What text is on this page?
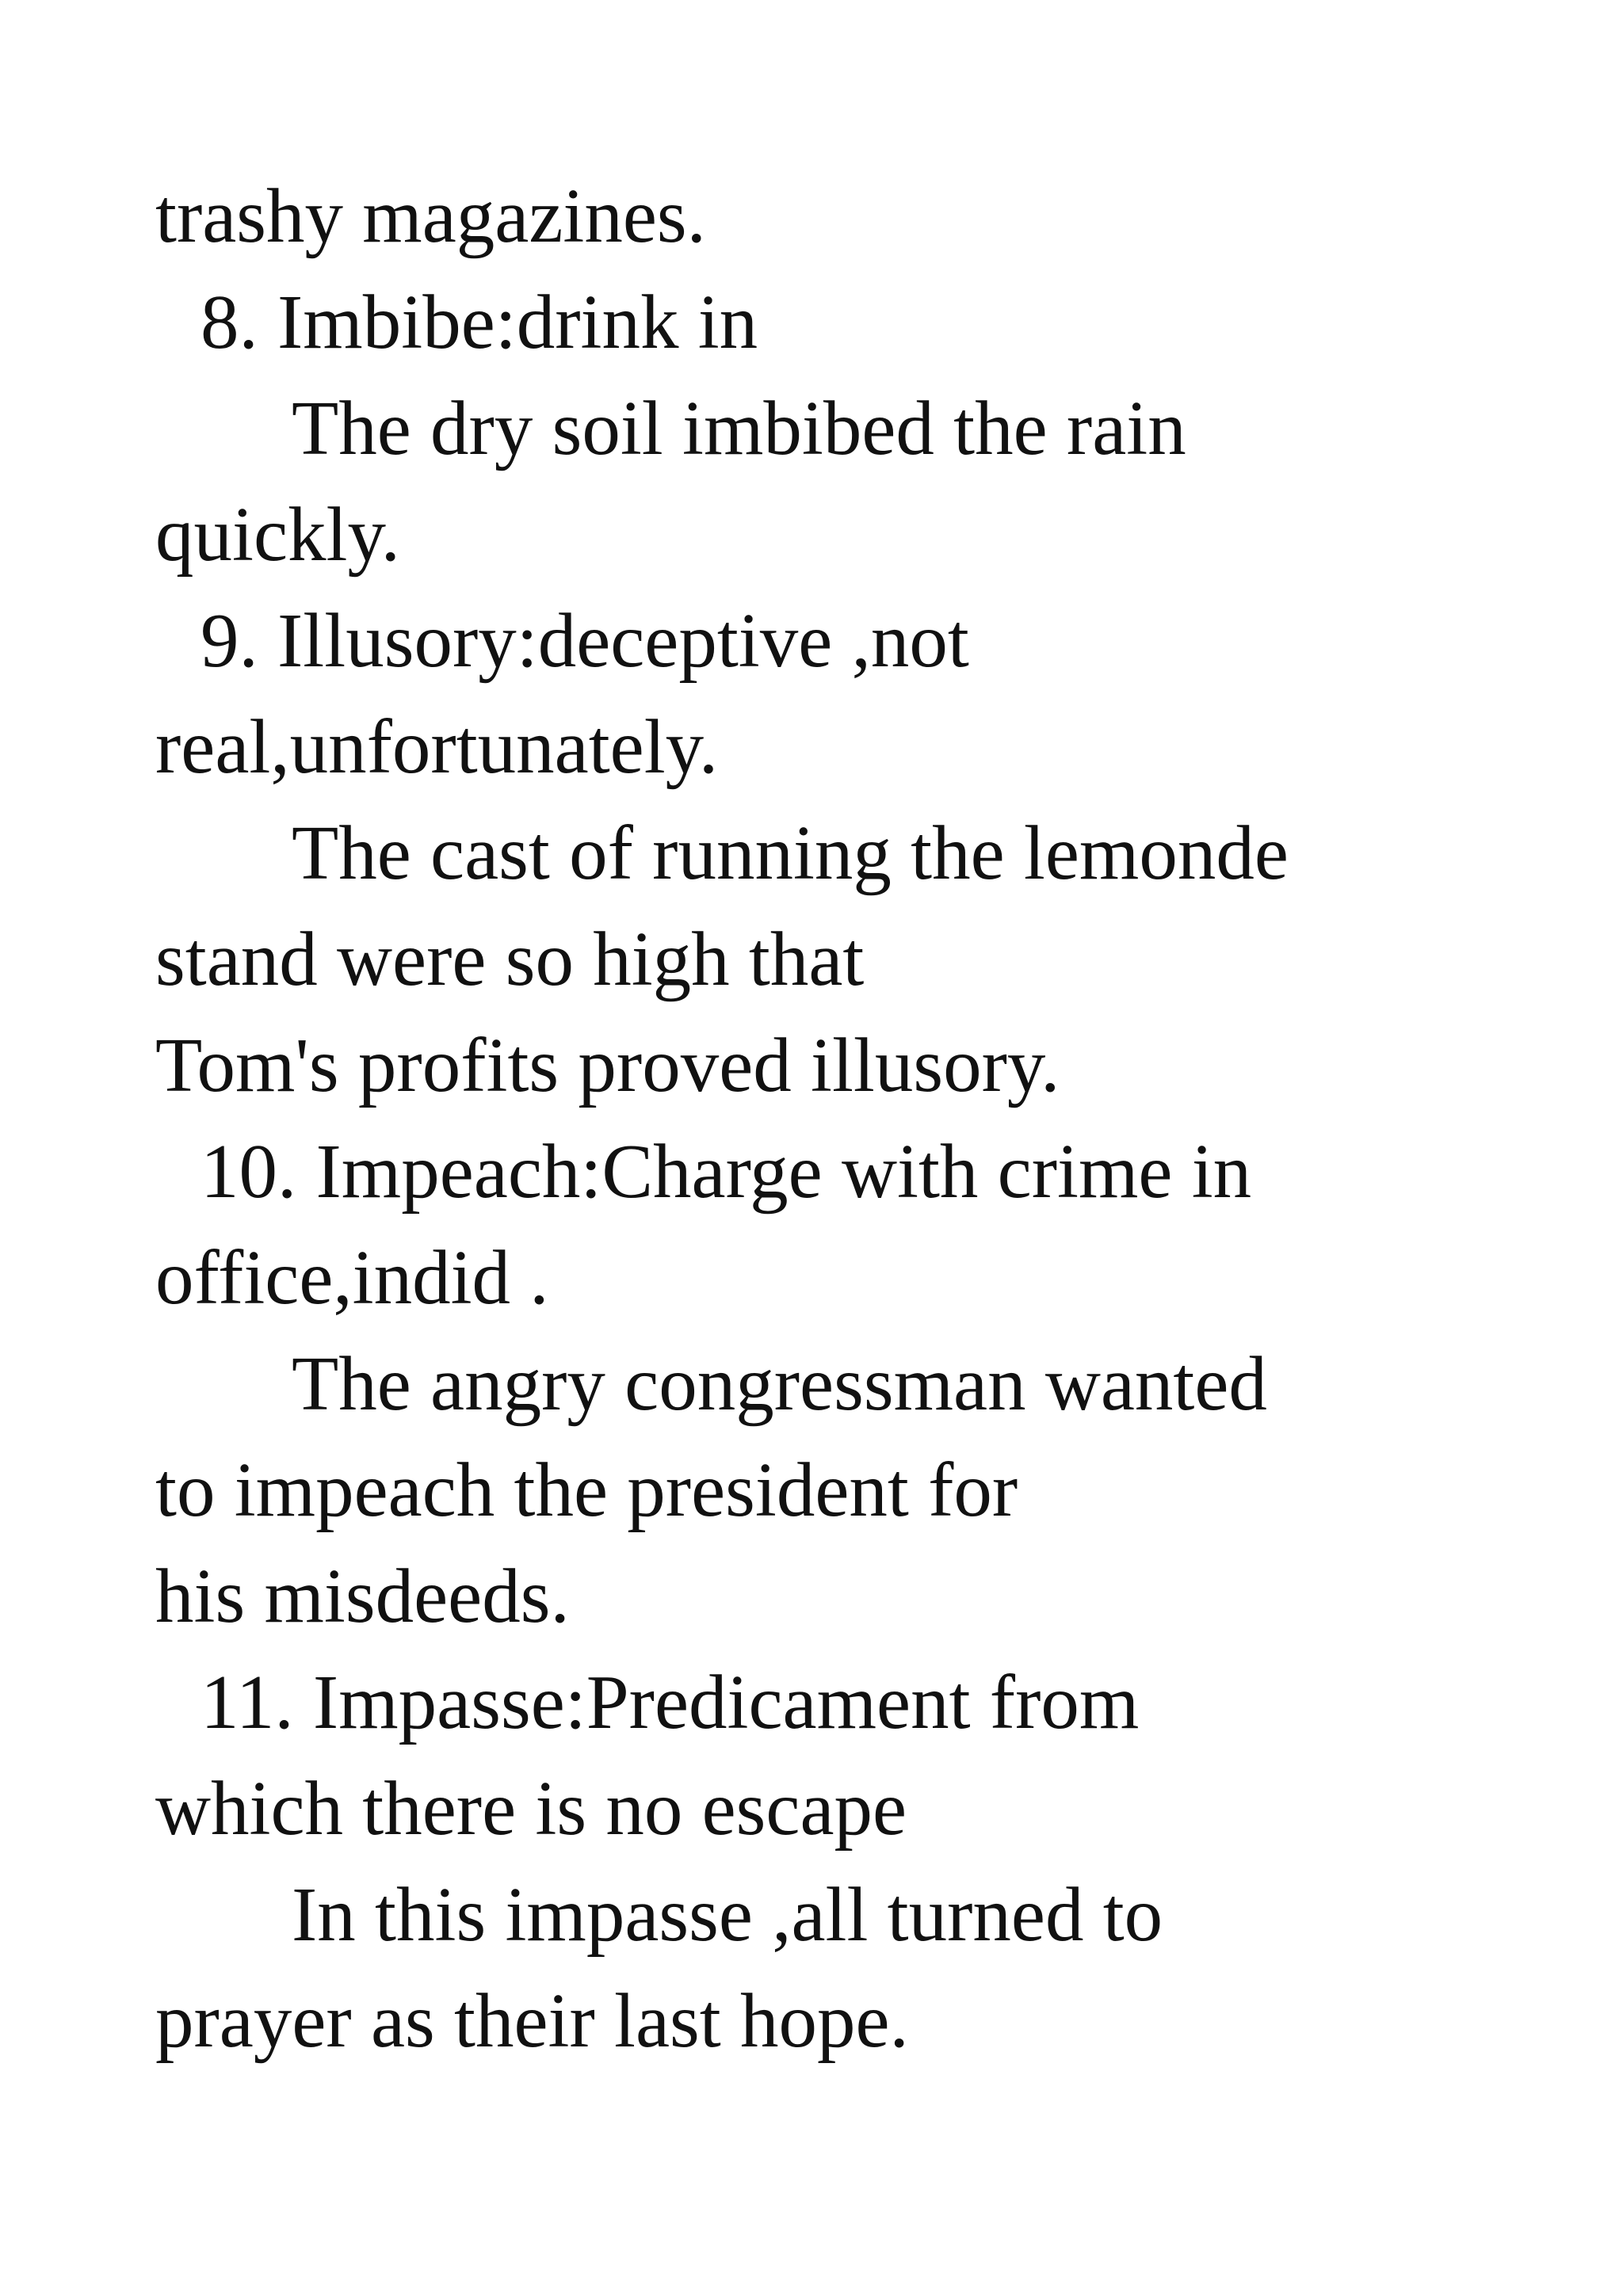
trashy magazines.
8. Imbibe:drink in
The dry soil imbibed the rain
quickly.
9. Illusory:deceptive ,not
real,unfortunately.
The cast of running the lemonde
stand were so high that
Tom's profits proved illusory.
10. Impeach:Charge with crime in
office,indid .
The angry congressman wanted
to impeach the president for
his misdeeds.
11. Impasse:Predicament from
which there is no escape
In this impasse ,all turned to
prayer as their last hope.
